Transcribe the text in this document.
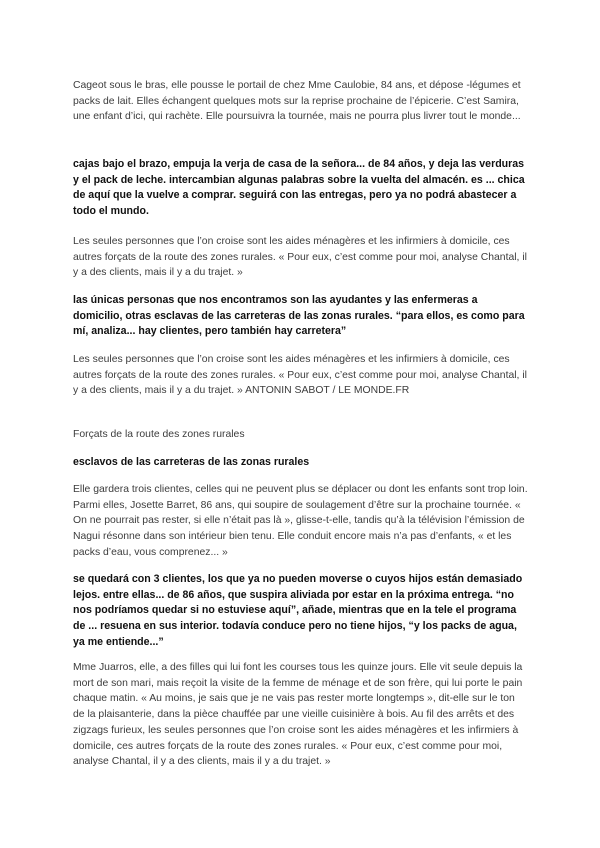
Cageot sous le bras, elle pousse le portail de chez Mme Caulobie, 84 ans, et dépose -légumes et packs de lait. Elles échangent quelques mots sur la reprise prochaine de l’épicerie. C’est Samira, une enfant d’ici, qui rachète. Elle poursuivra la tournée, mais ne pourra plus livrer tout le monde...

cajas bajo el brazo, empuja la verja de casa de la señora... de 84 años, y deja las verduras y el pack de leche. intercambian algunas palabras sobre la vuelta del almacén. es ... chica de aquí que la vuelve a comprar. seguirá con las entregas, pero ya no podrá abastecer a todo el mundo.

Les seules personnes que l’on croise sont les aides ménagères et les infirmiers à domicile, ces autres forçats de la route des zones rurales. « Pour eux, c’est comme pour moi, analyse Chantal, il y a des clients, mais il y a du trajet. »

las únicas personas que nos encontramos son las ayudantes y las enfermeras a domicilio, otras esclavas de las carreteras de las zonas rurales. “para ellos, es como para mí, analiza... hay clientes, pero también hay carretera”

Les seules personnes que l’on croise sont les aides ménagères et les infirmiers à domicile, ces autres forçats de la route des zones rurales. « Pour eux, c’est comme pour moi, analyse Chantal, il y a des clients, mais il y a du trajet. » ANTONIN SABOT / LE MONDE.FR

Forçats de la route des zones rurales

esclavos de las carreteras de las zonas rurales

Elle gardera trois clientes, celles qui ne peuvent plus se déplacer ou dont les enfants sont trop loin. Parmi elles, Josette Barret, 86 ans, qui soupire de soulagement d’être sur la prochaine tournée. « On ne pourrait pas rester, si elle n’était pas là », glisse-t-elle, tandis qu’à la télévision l’émission de Nagui résonne dans son intérieur bien tenu. Elle conduit encore mais n’a pas d’enfants, « et les packs d’eau, vous comprenez... »

se quedará con 3 clientes, los que ya no pueden moverse o cuyos hijos están demasiado lejos. entre ellas... de 86 años, que suspira aliviada por estar en la próxima entrega. “no nos podríamos quedar si no estuviese aquí”, añade, mientras que en la tele el programa de ... resuena en sus interior. todavía conduce pero no tiene hijos, “y los packs de agua, ya me entiende...”

Mme Juarros, elle, a des filles qui lui font les courses tous les quinze jours. Elle vit seule depuis la mort de son mari, mais reçoit la visite de la femme de ménage et de son frère, qui lui porte le pain chaque matin. « Au moins, je sais que je ne vais pas rester morte longtemps », dit-elle sur le ton de la plaisanterie, dans la pièce chauffée par une vieille cuisinière à bois. Au fil des arrêts et des zigzags furieux, les seules personnes que l’on croise sont les aides ménagères et les infirmiers à domicile, ces autres forçats de la route des zones rurales. « Pour eux, c’est comme pour moi, analyse Chantal, il y a des clients, mais il y a du trajet. »
